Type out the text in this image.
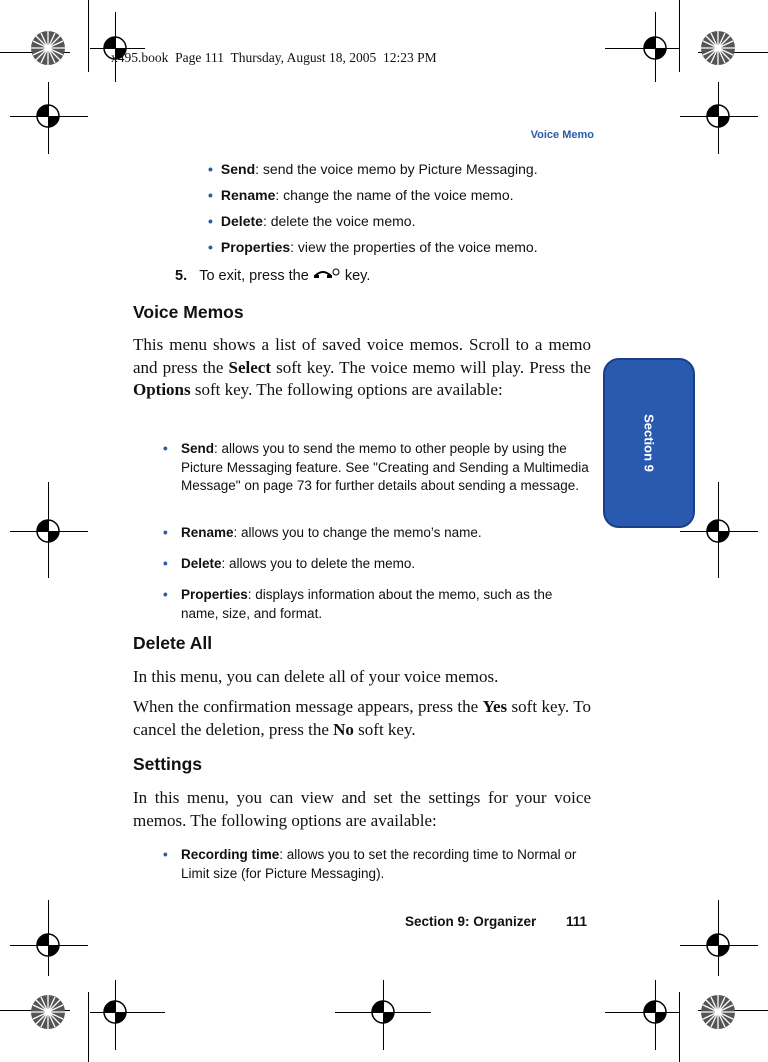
x495.book  Page 111  Thursday, August 18, 2005  12:23 PM
Voice Memo
Section 9
• Send: send the voice memo by Picture Messaging.
• Rename: change the name of the voice memo.
• Delete: delete the voice memo.
• Properties: view the properties of the voice memo.
5. To exit, press the key.
Voice Memos
This menu shows a list of saved voice memos. Scroll to a memo and press the Select soft key. The voice memo will play. Press the Options soft key. The following options are available:
• Send: allows you to send the memo to other people by using the Picture Messaging feature. See "Creating and Sending a Multimedia Message" on page 73 for further details about sending a message.
• Rename: allows you to change the memo’s name.
• Delete: allows you to delete the memo.
• Properties: displays information about the memo, such as the name, size, and format.
Delete All
In this menu, you can delete all of your voice memos.
When the confirmation message appears, press the Yes soft key. To cancel the deletion, press the No soft key.
Settings
In this menu, you can view and set the settings for your voice memos. The following options are available:
• Recording time: allows you to set the recording time to Normal or Limit size (for Picture Messaging).
Section 9: Organizer 111
